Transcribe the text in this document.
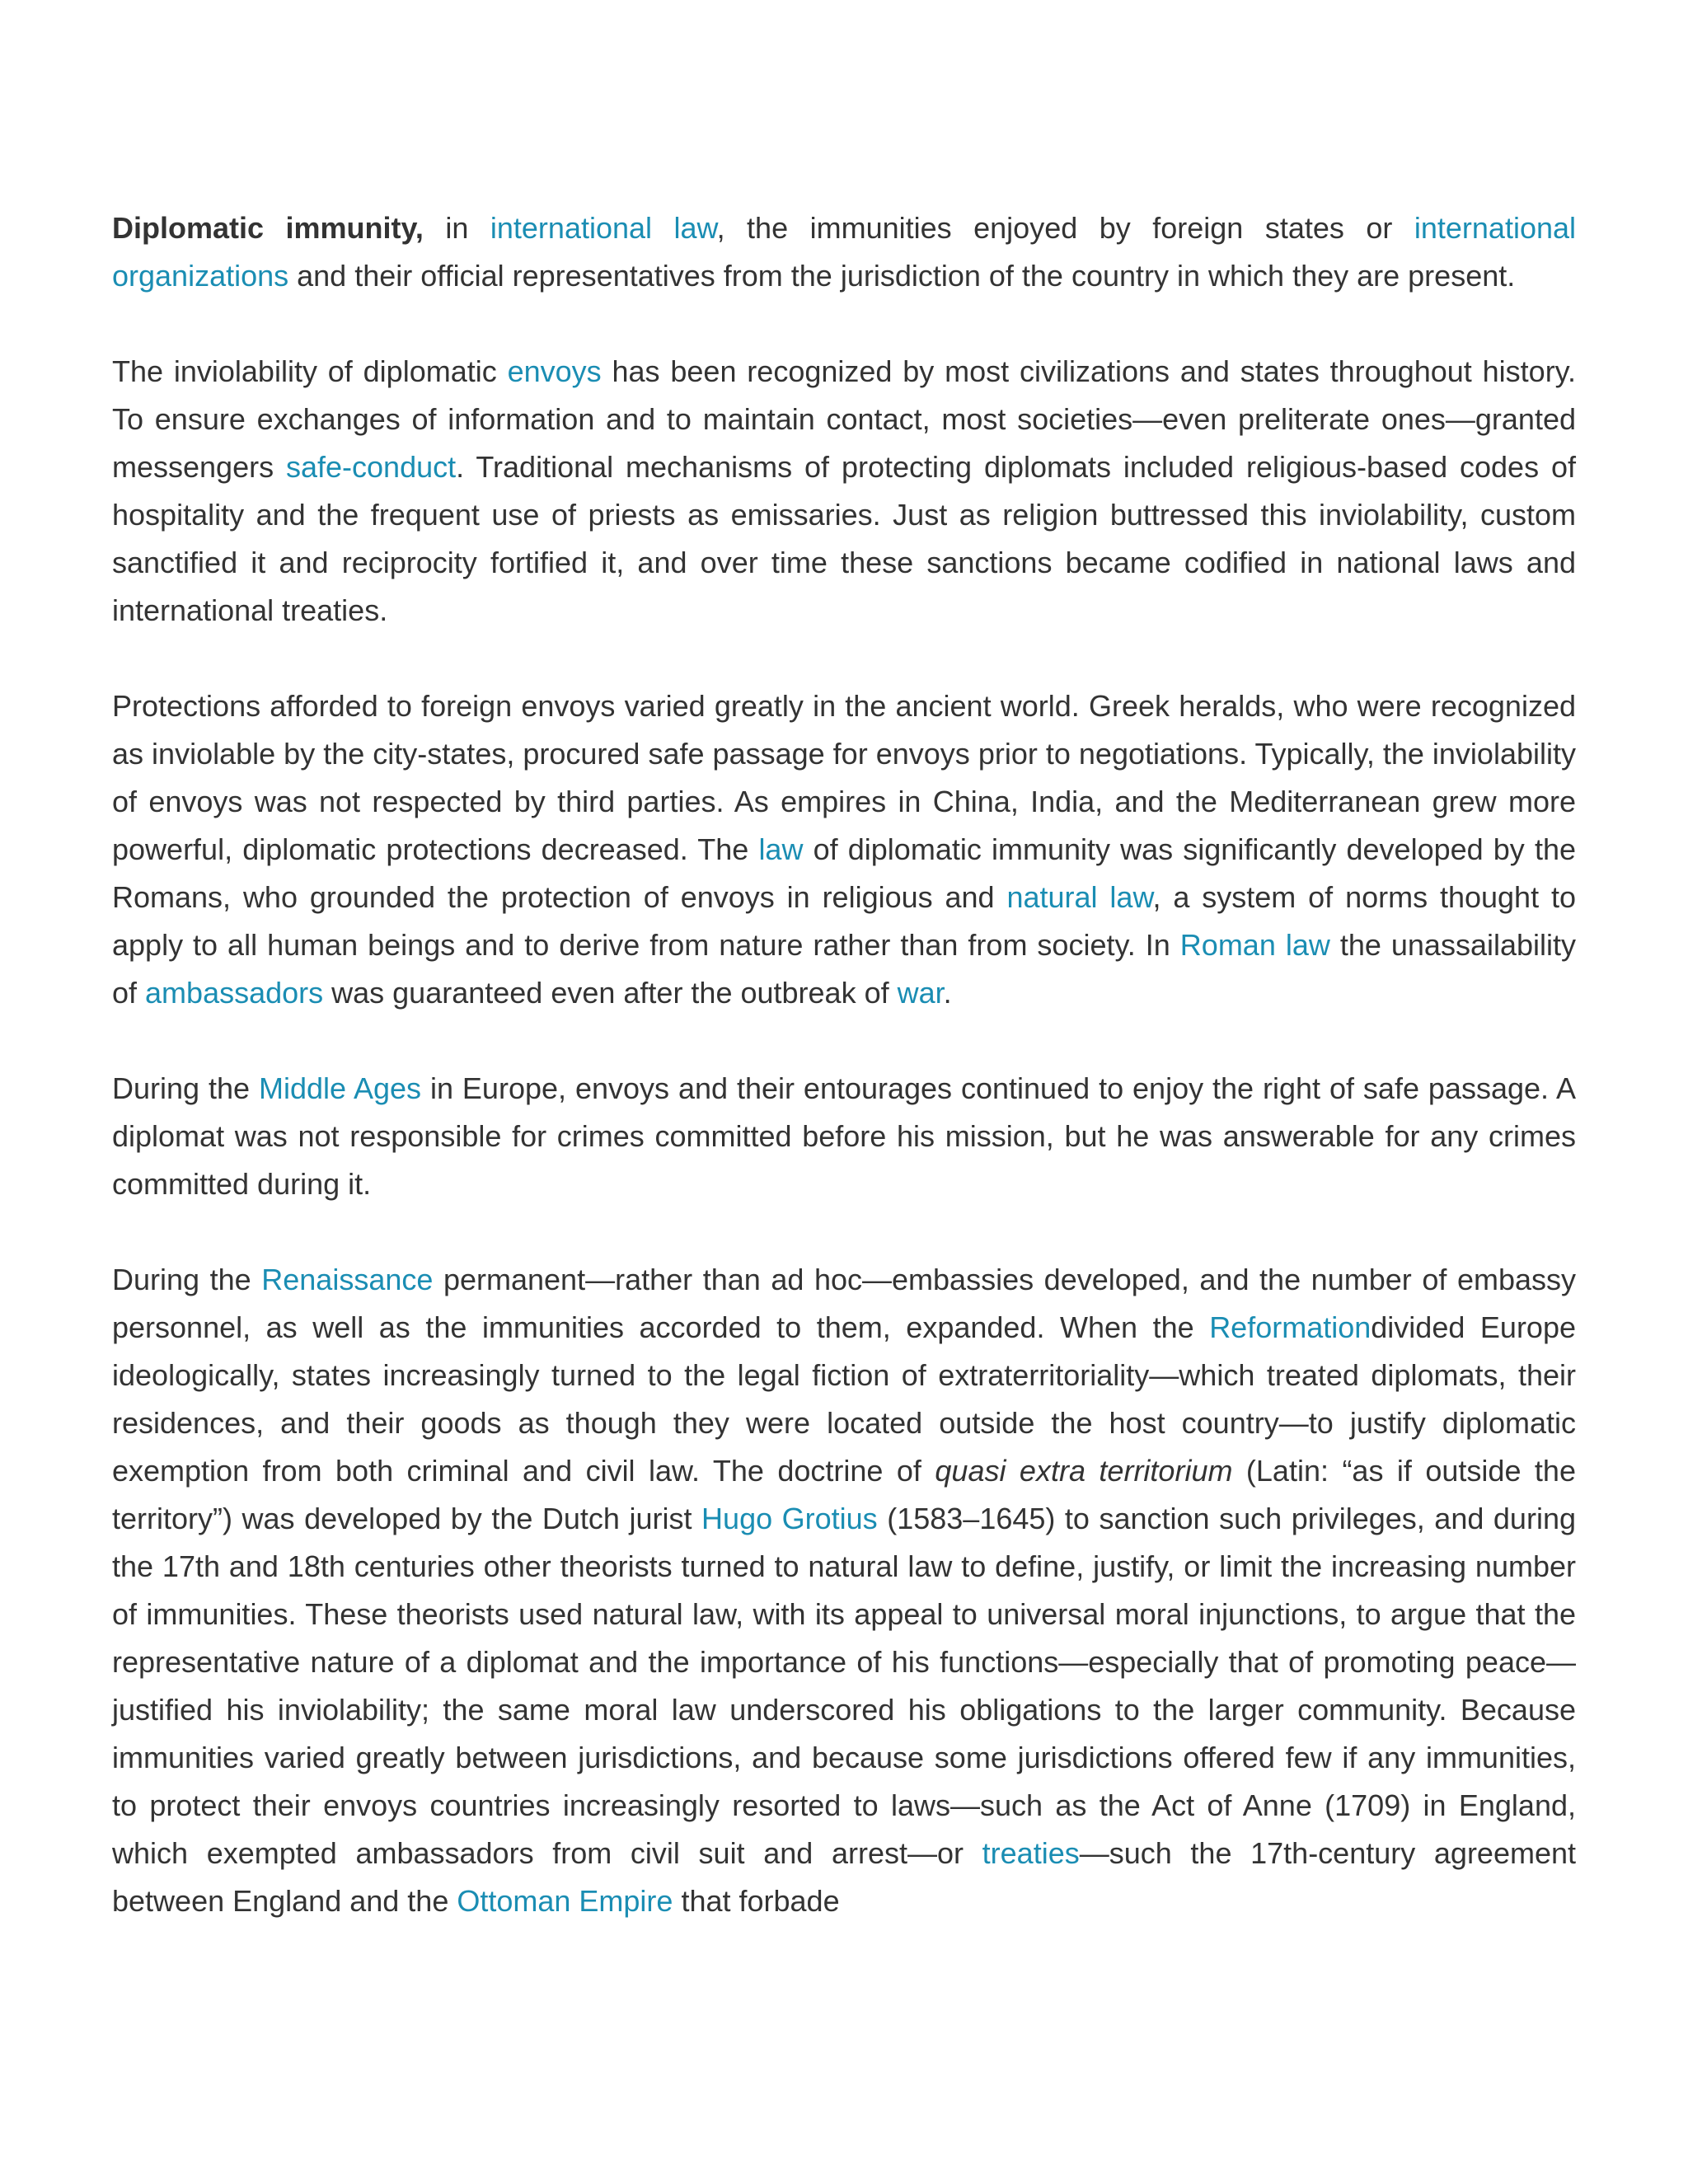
Diplomatic immunity, in international law, the immunities enjoyed by foreign states or international organizations and their official representatives from the jurisdiction of the country in which they are present.

The inviolability of diplomatic envoys has been recognized by most civilizations and states throughout history. To ensure exchanges of information and to maintain contact, most societies—even preliterate ones—granted messengers safe-conduct. Traditional mechanisms of protecting diplomats included religious-based codes of hospitality and the frequent use of priests as emissaries. Just as religion buttressed this inviolability, custom sanctified it and reciprocity fortified it, and over time these sanctions became codified in national laws and international treaties.

Protections afforded to foreign envoys varied greatly in the ancient world. Greek heralds, who were recognized as inviolable by the city-states, procured safe passage for envoys prior to negotiations. Typically, the inviolability of envoys was not respected by third parties. As empires in China, India, and the Mediterranean grew more powerful, diplomatic protections decreased. The law of diplomatic immunity was significantly developed by the Romans, who grounded the protection of envoys in religious and natural law, a system of norms thought to apply to all human beings and to derive from nature rather than from society. In Roman law the unassailability of ambassadors was guaranteed even after the outbreak of war.

During the Middle Ages in Europe, envoys and their entourages continued to enjoy the right of safe passage. A diplomat was not responsible for crimes committed before his mission, but he was answerable for any crimes committed during it.

During the Renaissance permanent—rather than ad hoc—embassies developed, and the number of embassy personnel, as well as the immunities accorded to them, expanded. When the Reformationdivided Europe ideologically, states increasingly turned to the legal fiction of extraterritoriality—which treated diplomats, their residences, and their goods as though they were located outside the host country—to justify diplomatic exemption from both criminal and civil law. The doctrine of quasi extra territorium (Latin: “as if outside the territory”) was developed by the Dutch jurist Hugo Grotius (1583–1645) to sanction such privileges, and during the 17th and 18th centuries other theorists turned to natural law to define, justify, or limit the increasing number of immunities. These theorists used natural law, with its appeal to universal moral injunctions, to argue that the representative nature of a diplomat and the importance of his functions—especially that of promoting peace—justified his inviolability; the same moral law underscored his obligations to the larger community. Because immunities varied greatly between jurisdictions, and because some jurisdictions offered few if any immunities, to protect their envoys countries increasingly resorted to laws—such as the Act of Anne (1709) in England, which exempted ambassadors from civil suit and arrest—or treaties—such the 17th-century agreement between England and the Ottoman Empire that forbade
